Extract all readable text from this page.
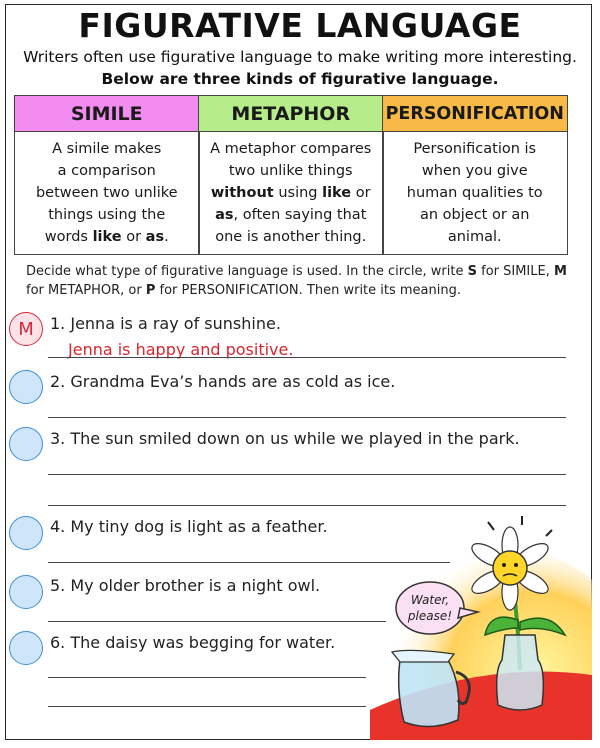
FIGURATIVE LANGUAGE
Writers often use figurative language to make writing more interesting.
Below are three kinds of figurative language.
SIMILE
A simile makes
a comparison
between two unlike
things using the
words like or as.
METAPHOR
A metaphor compares
two unlike things
without using like or
as, often saying that
one is another thing.
PERSONIFICATION
Personification is when you give human qualities to an object or an animal.
Decide what type of figurative language is used. In the circle, write S for SIMILE, M for METAPHOR, or P for PERSONIFICATION. Then write its meaning.
M	1. Jenna is a ray of sunshine.
Jenna is happy and positive.
2. Grandma Eva’s hands are as cold as ice.
3. The sun smiled down on us while we played in the park.
4. My tiny dog is light as a feather.
5. My older brother is a night owl.
6. The daisy was begging for water.
Water,
please!
